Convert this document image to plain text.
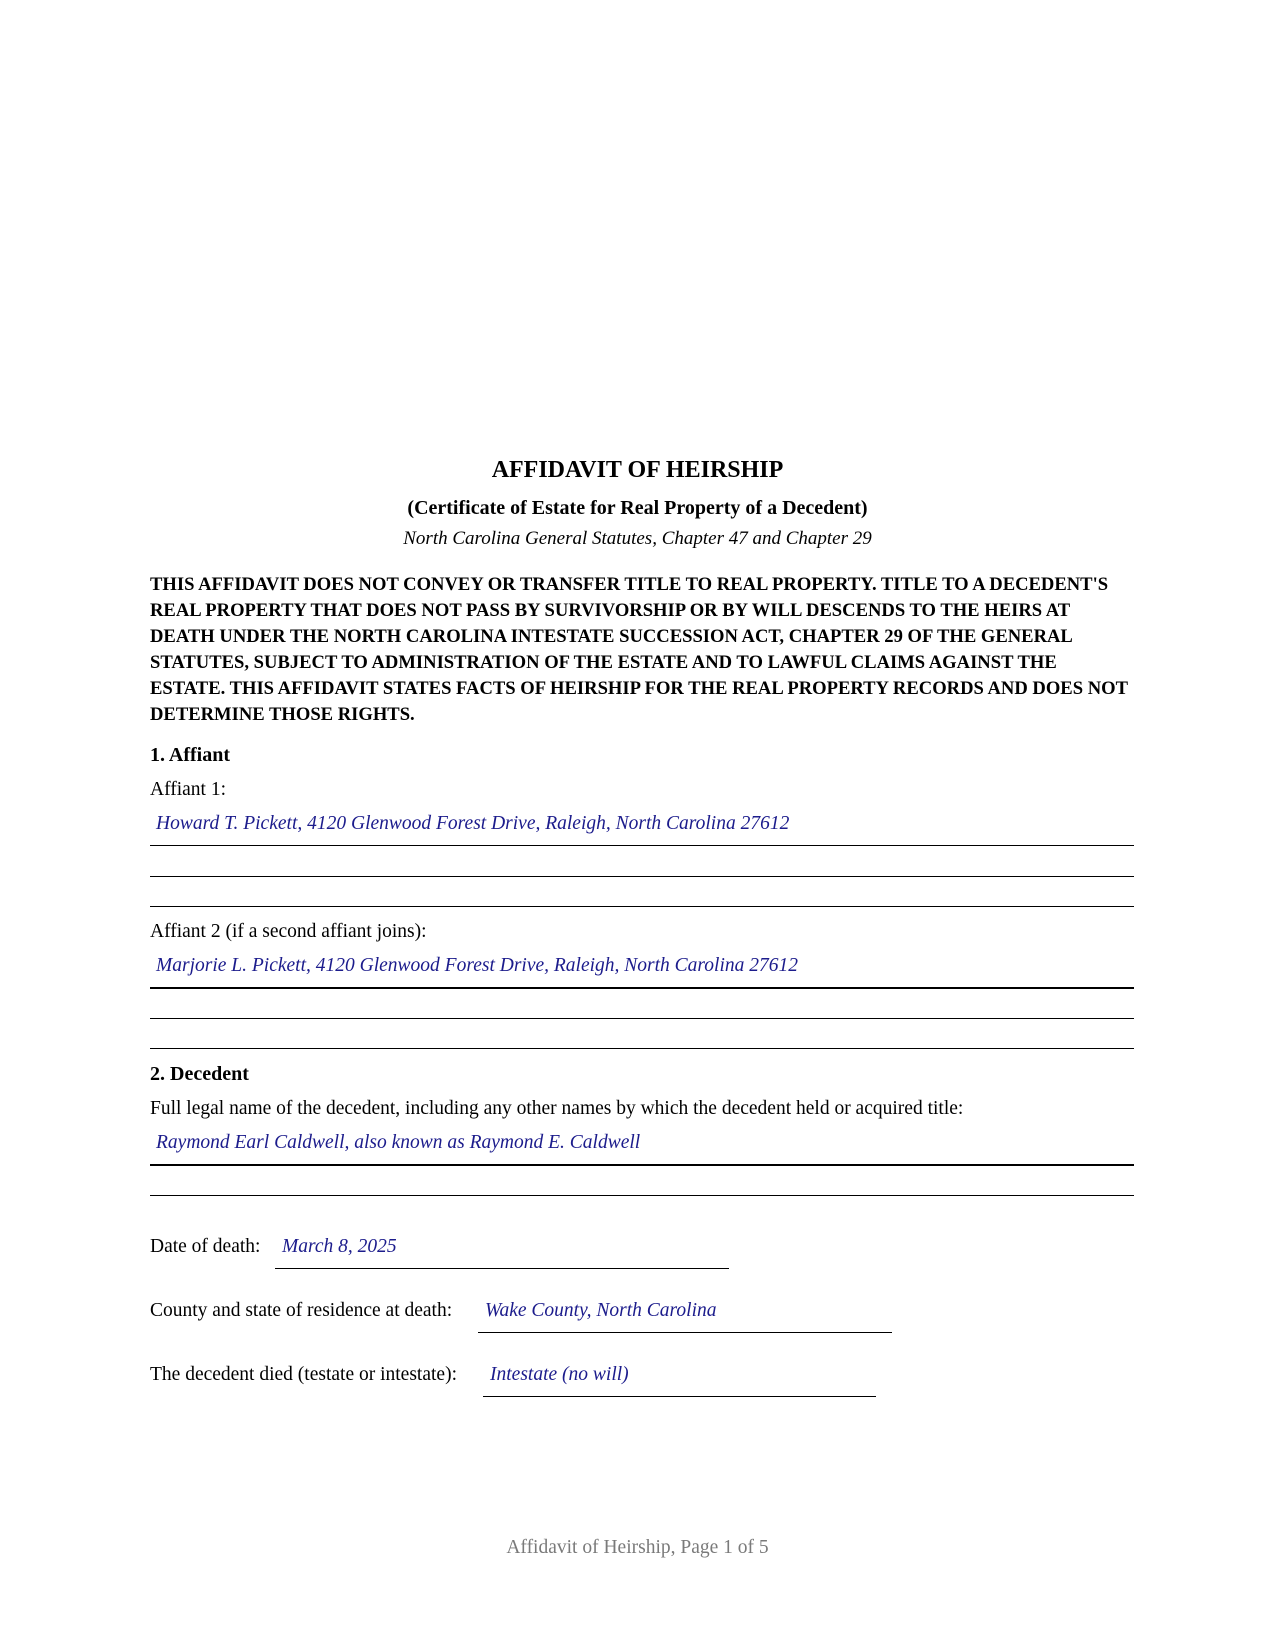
AFFIDAVIT OF HEIRSHIP
(Certificate of Estate for Real Property of a Decedent)
North Carolina General Statutes, Chapter 47 and Chapter 29
THIS AFFIDAVIT DOES NOT CONVEY OR TRANSFER TITLE TO REAL PROPERTY. TITLE TO A DECEDENT'S REAL PROPERTY THAT DOES NOT PASS BY SURVIVORSHIP OR BY WILL DESCENDS TO THE HEIRS AT DEATH UNDER THE NORTH CAROLINA INTESTATE SUCCESSION ACT, CHAPTER 29 OF THE GENERAL STATUTES, SUBJECT TO ADMINISTRATION OF THE ESTATE AND TO LAWFUL CLAIMS AGAINST THE ESTATE. THIS AFFIDAVIT STATES FACTS OF HEIRSHIP FOR THE REAL PROPERTY RECORDS AND DOES NOT DETERMINE THOSE RIGHTS.
1. Affiant
Affiant 1:
Howard T. Pickett, 4120 Glenwood Forest Drive, Raleigh, North Carolina 27612
Affiant 2 (if a second affiant joins):
Marjorie L. Pickett, 4120 Glenwood Forest Drive, Raleigh, North Carolina 27612
2. Decedent
Full legal name of the decedent, including any other names by which the decedent held or acquired title:
Raymond Earl Caldwell, also known as Raymond E. Caldwell
Date of death: March 8, 2025
County and state of residence at death: Wake County, North Carolina
The decedent died (testate or intestate): Intestate (no will)
Affidavit of Heirship, Page 1 of 5
